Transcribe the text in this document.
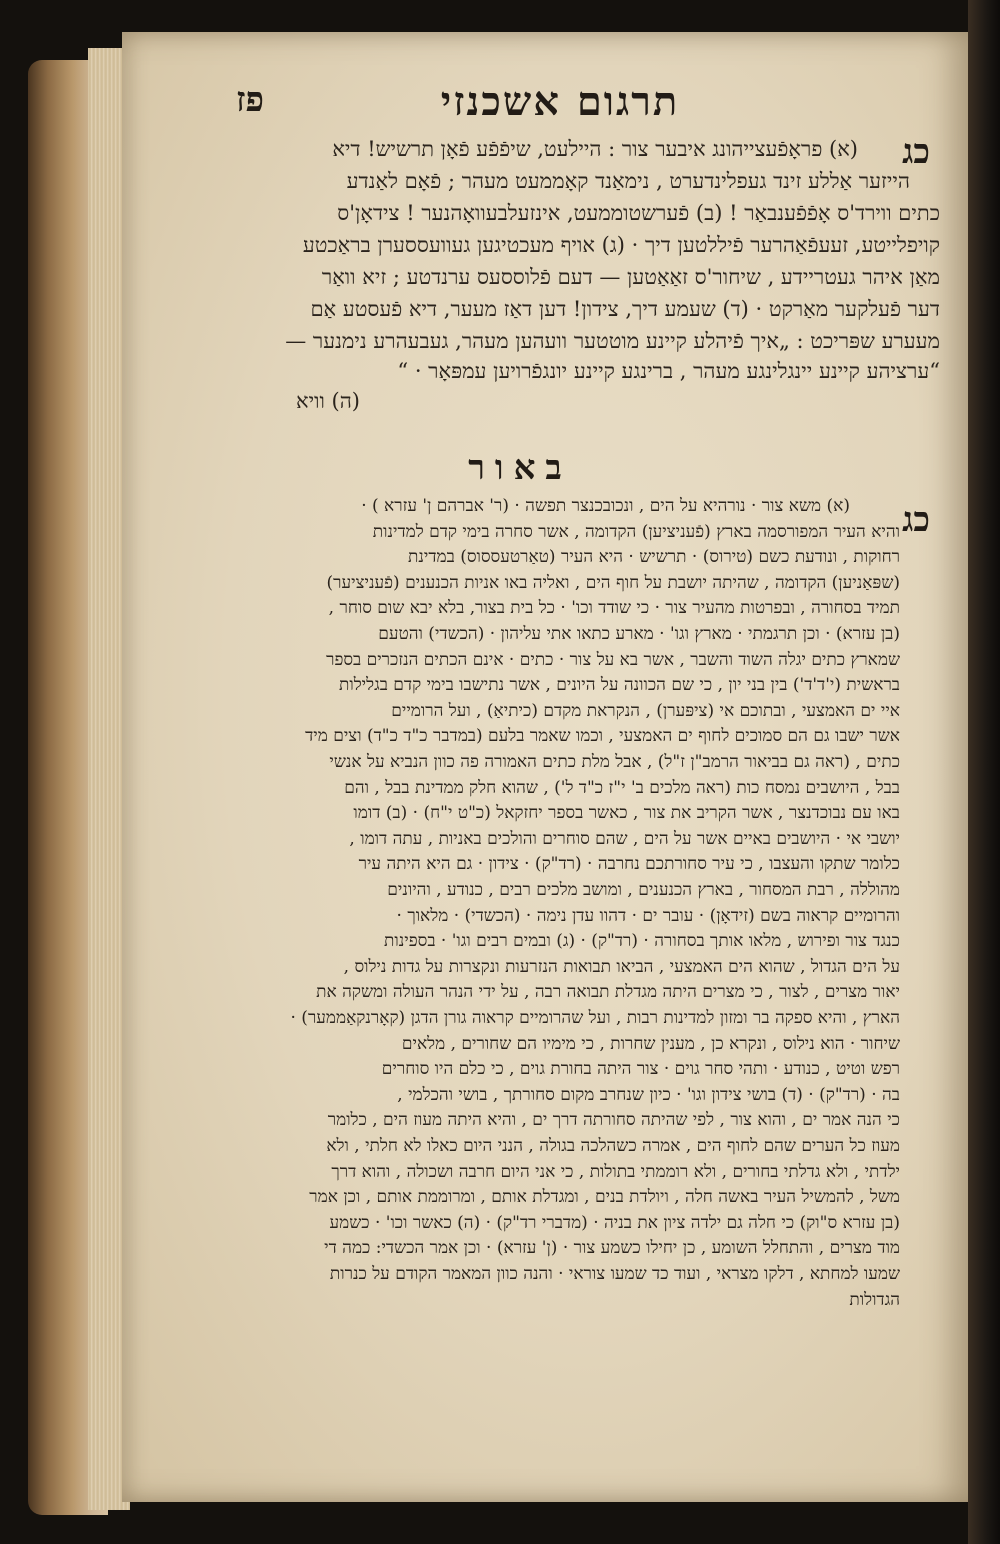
תרגום אשכנזי
פז
כג
(א) פראָפֿעצייהונג איבער צור : היילעט, שיפֿפֿע פֿאָן תרשיש! דיא
הייזער אַללע זינד געפלינדערט , נימאַנד קאָממעט מעהר ; פֿאָם לאַנדע
כתים ווירד'ס אָפֿפֿענבאַר ! (ב) פֿערשטוממעט, אינזעלבעוואָהנער ! צידאָן'ס
קויפלייטע, זעעפֿאַהרער פֿיללטען דיך · (ג) אויף מעכטיגען געוועססערן בראַכטע
מאַן איהר געטריידע , שיחור'ס זאַאַטען — דעם פֿלוססעס ערנדטע ; זיא וואַר
דער פֿעלקער מאַרקט · (ד) שעמע דיך, צידון! דען דאַז מעער, דיא פֿעסטע אַם
מעערע שפּריכט : „איך פֿיהלע קיינע מוטטער וועהען מעהר, געבעהרע נימנער —
“ערציהע קיינע יינגלינגע מעהר , ברינגע קיינע יונגפֿרויען עמפּאָר · “
(ה) וויא
באור
כג
(א) משא צור · נורהיא על הים , ונכובכנצר תפשה · (ר' אברהם ן' עזרא ) ·
והיא העיר המפורסמה בארץ (פֿעניציען) הקדומה , אשר סחרה בימי קדם למדינות
רחוקות , ונודעת כשם (טירוס) · תרשיש · היא העיר (טאַרטעססוס) במדינת
(שפּאַניען) הקדומה , שהיתה יושבת על חוף הים , ואליה באו אניות הכנענים (פֿעניציער)
תמיד בסחורה , ובפרטות מהעיר צור · כי שודד וכו' · כל בית בצור, בלא יבא שום סוחר ,
(בן עזרא) · וכן תרגמתי · מארץ וגו' · מארע כתאו אתי עליהון · (הכשדי) והטעם
שמארץ כתים יגלה השוד והשבר , אשר בא על צור · כתים · אינם הכתים הנזכרים בספר
בראשית (י'ד'ד') בין בני יון , כי שם הכוונה על היונים , אשר נתישבו בימי קדם בגלילות
איי ים האמצעי , ובתוכם אי (ציפּערן) , הנקראת מקדם (כיתיאַ) , ועל הרומיים
אשר ישבו גם הם סמוכים לחוף ים האמצעי , וכמו שאמר בלעם (במדבר כ"ד כ"ד) וצים מיד
כתים , (ראה גם בביאור הרמב"ן ז"ל) , אבל מלת כתים האמורה פה כוון הנביא על אנשי
בבל , היושבים נמסח כות (ראה מלכים ב' י"ז כ"ד ל') , שהוא חלק ממדינת בבל , והם
באו עם נבוכדנצר , אשר הקריב את צור , כאשר בספר יחזקאל (כ"ט י"ח) · (ב) דומו
יושבי אי · היושבים באיים אשר על הים , שהם סוחרים והולכים באניות , עתה דומו ,
כלומר שתקו והעצבו , כי עיר סחורתכם נחרבה · (רד"ק) · צידון · גם היא היתה עיר
מהוללה , רבת המסחור , בארץ הכנענים , ומושב מלכים רבים , כנודע , והיונים
והרומיים קראוה בשם (זידאָן) · עובר ים · דהוו עדן נימה · (הכשדי) · מלאוך ·
כנגד צור ופירוש , מלאו אותך בסחורה · (רד"ק) · (ג) ובמים רבים וגו' · בספינות
על הים הגדול , שהוא הים האמצעי , הביאו תבואות הנזרעות ונקצרות על גדות נילוס ,
יאור מצרים , לצור , כי מצרים היתה מגדלת תבואה רבה , על ידי הנהר העולה ומשקה את
הארץ , והיא ספקה בר ומזון למדינות רבות , ועל שהרומיים קראוה גורן הדגן (קאָרנקאַממער) ·
שיחור · הוא נילוס , ונקרא כן , מענין שחרות , כי מימיו הם שחורים , מלאים
רפש וטיט , כנודע · ותהי סחר גוים · צור היתה בחורת גוים , כי כלם היו סוחרים
בה · (רד"ק) · (ד) בושי צידון וגו' · כיון שנחרב מקום סחורתך , בושי והכלמי ,
כי הנה אמר ים , והוא צור , לפי שהיתה סחורתה דרך ים , והיא היתה מעוז הים , כלומר
מעוז כל הערים שהם לחוף הים , אמרה כשהלכה בגולה , הנני היום כאלו לא חלתי , ולא
ילדתי , ולא גדלתי בחורים , ולא רוממתי בתולות , כי אני היום חרבה ושכולה , והוא דרך
משל , להמשיל העיר באשה חלה , ויולדת בנים , ומגדלת אותם , ומרוממת אותם , וכן אמר
(בן עזרא ס"וק) כי חלה גם ילדה ציון את בניה · (מדברי רד"ק) · (ה) כאשר וכו' · כשמע
מוד מצרים , והתחלל השומע , כן יחילו כשמע צור · (ן' עזרא) · וכן אמר הכשדי: כמה די
שמעו למחתא , דלקו מצראי , ועוד כד שמעו צוראי · והנה כוון המאמר הקודם על כנרות
הגדולות
